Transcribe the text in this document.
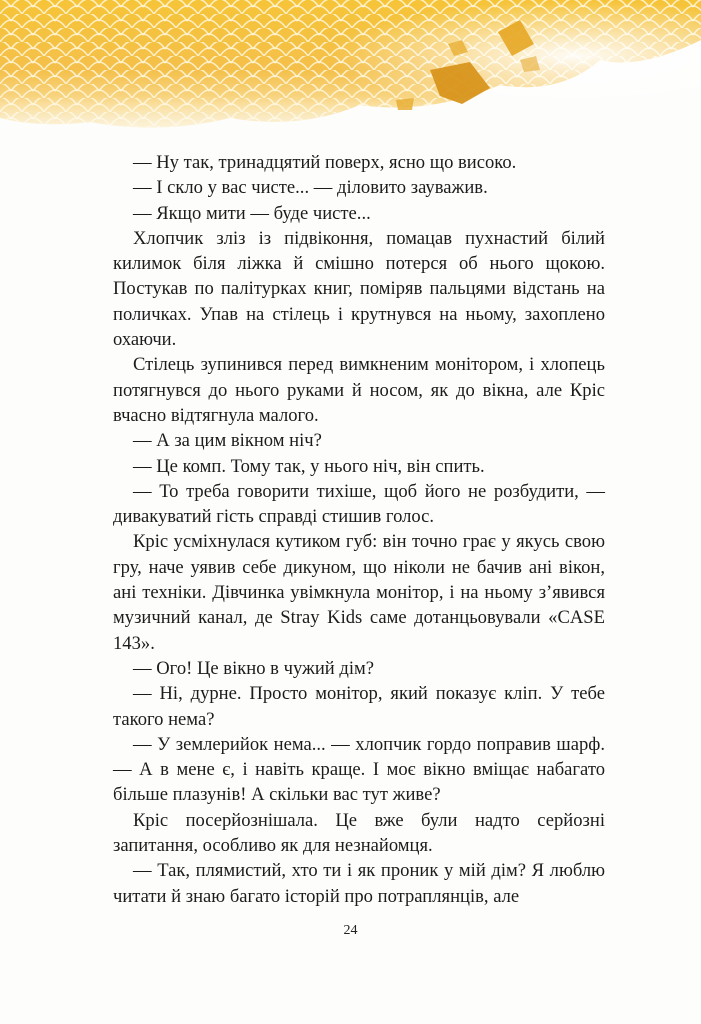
— Ну так, тринадцятий поверх, ясно що високо.

— І скло у вас чисте... — діловито зауважив.

— Якщо мити — буде чисте...

Хлопчик зліз із підвіконня, помацав пухнастий білий килимок біля ліжка й смішно потерся об нього щокою. Постукав по палітурках книг, поміряв пальцями відстань на поличках. Упав на стілець і крутнувся на ньому, захоплено охаючи.

Стілець зупинився перед вимкненим монітором, і хлопець потягнувся до нього руками й носом, як до вікна, але Кріс вчасно відтягнула малого.

— А за цим вікном ніч?

— Це комп. Тому так, у нього ніч, він спить.

— То треба говорити тихіше, щоб його не розбудити, — дивакуватий гість справді стишив голос.

Кріс усміхнулася кутиком губ: він точно грає у якусь свою гру, наче уявив себе дикуном, що ніколи не бачив ані вікон, ані техніки. Дівчинка увімкнула монітор, і на ньому з’явився музичний канал, де Stray Kids саме дотанцьовували «CASE 143».

— Ого! Це вікно в чужий дім?

— Ні, дурне. Просто монітор, який показує кліп. У тебе такого нема?

— У землерийок нема... — хлопчик гордо поправив шарф. — А в мене є, і навіть краще. І моє вікно вміщає набагато більше плазунів! А скільки вас тут живе?

Кріс посерйознішала. Це вже були надто серйозні запитання, особливо як для незнайомця.

— Так, плямистий, хто ти і як проник у мій дім? Я люблю читати й знаю багато історій про потраплянців, але

24
